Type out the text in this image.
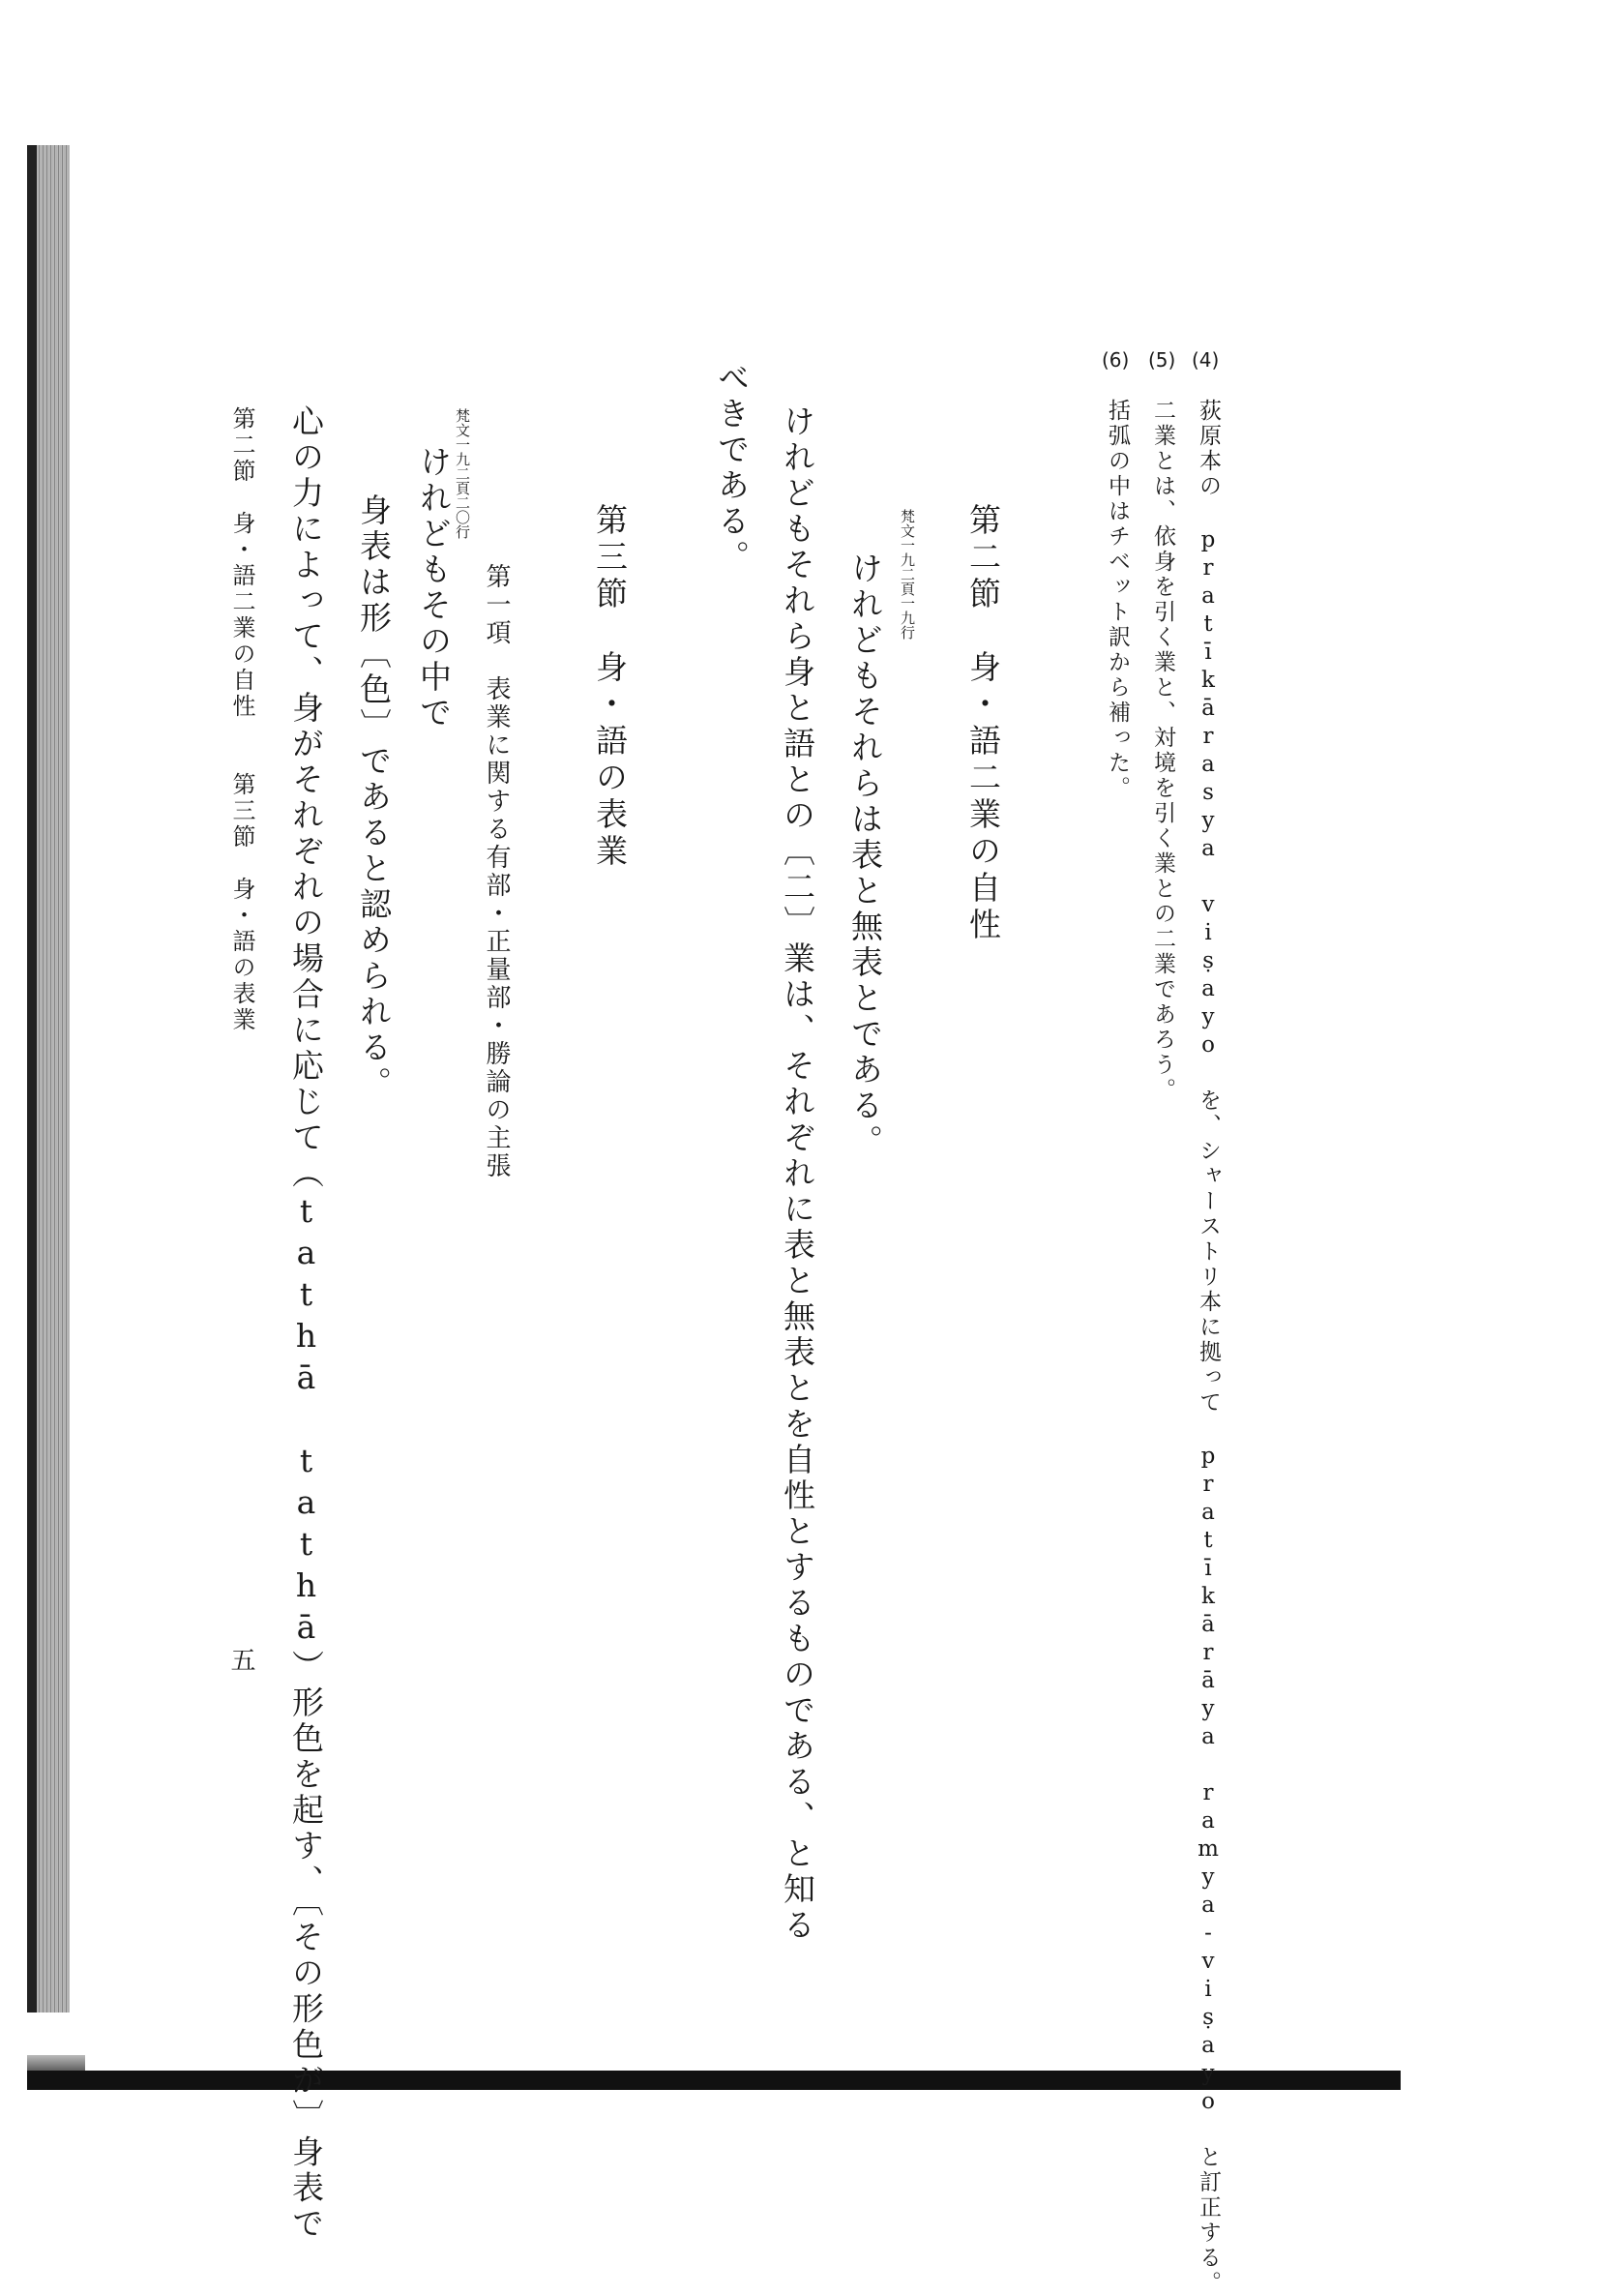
(4)
荻原本の pratīkārasya viṣayo を、シャーストリ本に拠って pratīkārāya ramya-viṣayo と訂正する。
(5)
二業とは、依身を引く業と、対境を引く業との二業であろう。
(6)
括弧の中はチベット訳から補った。
第二節　身・語二業の自性
梵文一九二頁一九行
けれどもそれらは表と無表とである。
けれどもそれら身と語との〔二〕業は、それぞれに表と無表とを自性とするものである、と知る
べきである。
第三節　身・語の表業
第一項　表業に関する有部・正量部・勝論の主張
梵文一九二頁二〇行
けれどもその中で
身表は形〔色〕であると認められる。
心の力によって、身がそれぞれの場合に応じて（tathā tathā）形色を起す、〔その形色が〕身表で
第二節　身・語二業の自性　　第三節　身・語の表業
五
